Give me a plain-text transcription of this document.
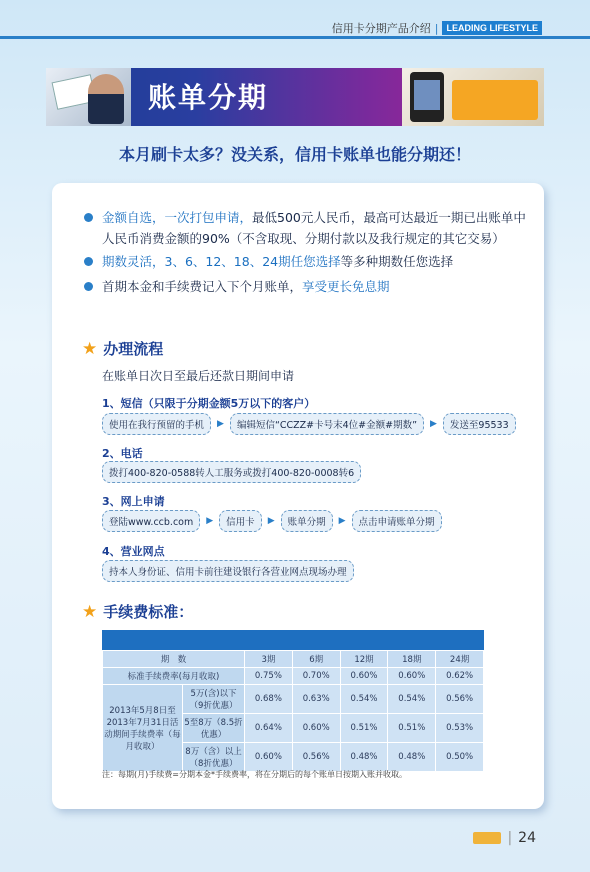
信用卡分期产品介绍 | LEADING LIFESTYLE
账单分期
本月刷卡太多？没关系，信用卡账单也能分期还！
金额自选，一次打包申请，最低500元人民币，最高可达最近一期已出账单中人民币消费金额的90%（不含取现、分期付款以及我行规定的其它交易）
期数灵活，3、6、12、18、24期任您选择等多种期数任您选择
首期本金和手续费记入下个月账单，享受更长免息期
★ 办理流程
在账单日次日至最后还款日期间申请
1、短信（只限于分期金额5万以下的客户）
使用在我行预留的手机	▶	编辑短信“CCZZ#卡号末4位#金额#期数”	▶	发送至95533
2、电话
拨打400-820-0588转人工服务或拨打400-820-0008转6
3、网上申请
登陆www.ccb.com	▶	信用卡	▶	账单分期	▶	点击申请账单分期
4、营业网点
持本人身份证、信用卡前往建设银行各营业网点现场办理
★ 手续费标准：
期　数		3期	6期	12期	18期	24期
标准手续费率(每月收取)		0.75%	0.70%	0.60%	0.60%	0.62%
2013年5月8日至2013年7月31日活动期间手续费率（每月收取）	5万(含)以下（9折优惠）	0.68%	0.63%	0.54%	0.54%	0.56%
	5至8万（8.5折优惠）	0.64%	0.60%	0.51%	0.51%	0.53%
	8万（含）以上（8折优惠）	0.60%	0.56%	0.48%	0.48%	0.50%
注：每期(月)手续费=分期本金*手续费率，将在分期后的每个账单日按期入账并收取。
| 24
